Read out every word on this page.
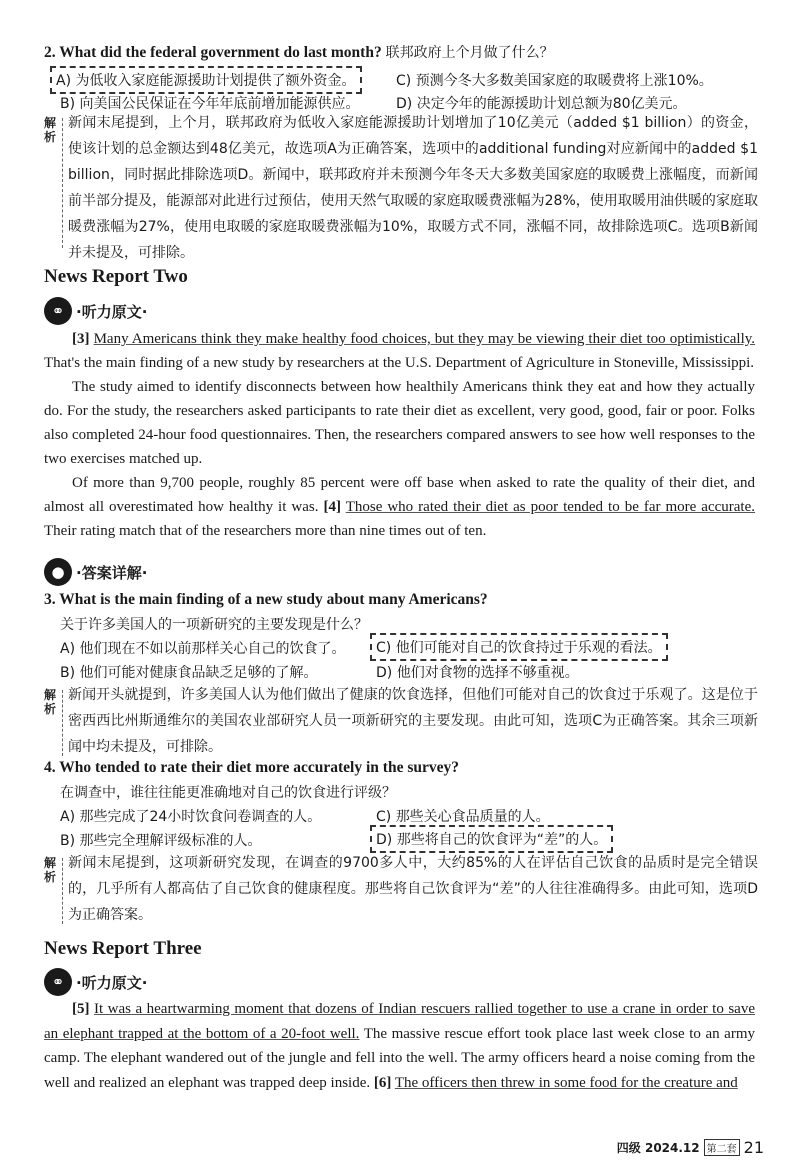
2. What did the federal government do last month? 联邦政府上个月做了什么？
A) 为低收入家庭能源援助计划提供了额外资金。	C) 预测今冬大多数美国家庭的取暖费将上涨10%。
B) 向美国公民保证在今年年底前增加能源供应。	D) 决定今年的能源援助计划总额为80亿美元。
解析
新闻末尾提到，上个月，联邦政府为低收入家庭能源援助计划增加了10亿美元（added $1 billion）的资金，使该计划的总金额达到48亿美元，故选项A为正确答案，选项中的additional funding对应新闻中的added $1 billion，同时据此排除选项D。新闻中，联邦政府并未预测今年冬天大多数美国家庭的取暖费上涨幅度，而新闻前半部分提及，能源部对此进行过预估，使用天然气取暖的家庭取暖费涨幅为28%，使用取暖用油供暖的家庭取暖费涨幅为27%，使用电取暖的家庭取暖费涨幅为10%，取暖方式不同，涨幅不同，故排除选项C。选项B新闻并未提及，可排除。
News Report Two
⚭ ·听力原文·
[3] Many Americans think they make healthy food choices, but they may be viewing their diet too optimistically. That's the main finding of a new study by researchers at the U.S. Department of Agriculture in Stoneville, Mississippi.
The study aimed to identify disconnects between how healthily Americans think they eat and how they actually do. For the study, the researchers asked participants to rate their diet as excellent, very good, good, fair or poor. Folks also completed 24-hour food questionnaires. Then, the researchers compared answers to see how well responses to the two exercises matched up.
Of more than 9,700 people, roughly 85 percent were off base when asked to rate the quality of their diet, and almost all overestimated how healthy it was. [4] Those who rated their diet as poor tended to be far more accurate. Their rating match that of the researchers more than nine times out of ten.
● ·答案详解·
3. What is the main finding of a new study about many Americans?
关于许多美国人的一项新研究的主要发现是什么？
A) 他们现在不如以前那样关心自己的饮食了。	C) 他们可能对自己的饮食持过于乐观的看法。
B) 他们可能对健康食品缺乏足够的了解。	D) 他们对食物的选择不够重视。
解析
新闻开头就提到，许多美国人认为他们做出了健康的饮食选择，但他们可能对自己的饮食过于乐观了。这是位于密西西比州斯通维尔的美国农业部研究人员一项新研究的主要发现。由此可知，选项C为正确答案。其余三项新闻中均未提及，可排除。
4. Who tended to rate their diet more accurately in the survey?
在调查中，谁往往能更准确地对自己的饮食进行评级？
A) 那些完成了24小时饮食问卷调查的人。	C) 那些关心食品质量的人。
B) 那些完全理解评级标准的人。	D) 那些将自己的饮食评为“差”的人。
解析
新闻末尾提到，这项新研究发现，在调查的9700多人中，大约85%的人在评估自己饮食的品质时是完全错误的，几乎所有人都高估了自己饮食的健康程度。那些将自己饮食评为“差”的人往往准确得多。由此可知，选项D为正确答案。
News Report Three
⚭ ·听力原文·
[5] It was a heartwarming moment that dozens of Indian rescuers rallied together to use a crane in order to save an elephant trapped at the bottom of a 20-foot well. The massive rescue effort took place last week close to an army camp. The elephant wandered out of the jungle and fell into the well. The army officers heard a noise coming from the well and realized an elephant was trapped deep inside. [6] The officers then threw in some food for the creature and
四级 2024.12 第二套 21
